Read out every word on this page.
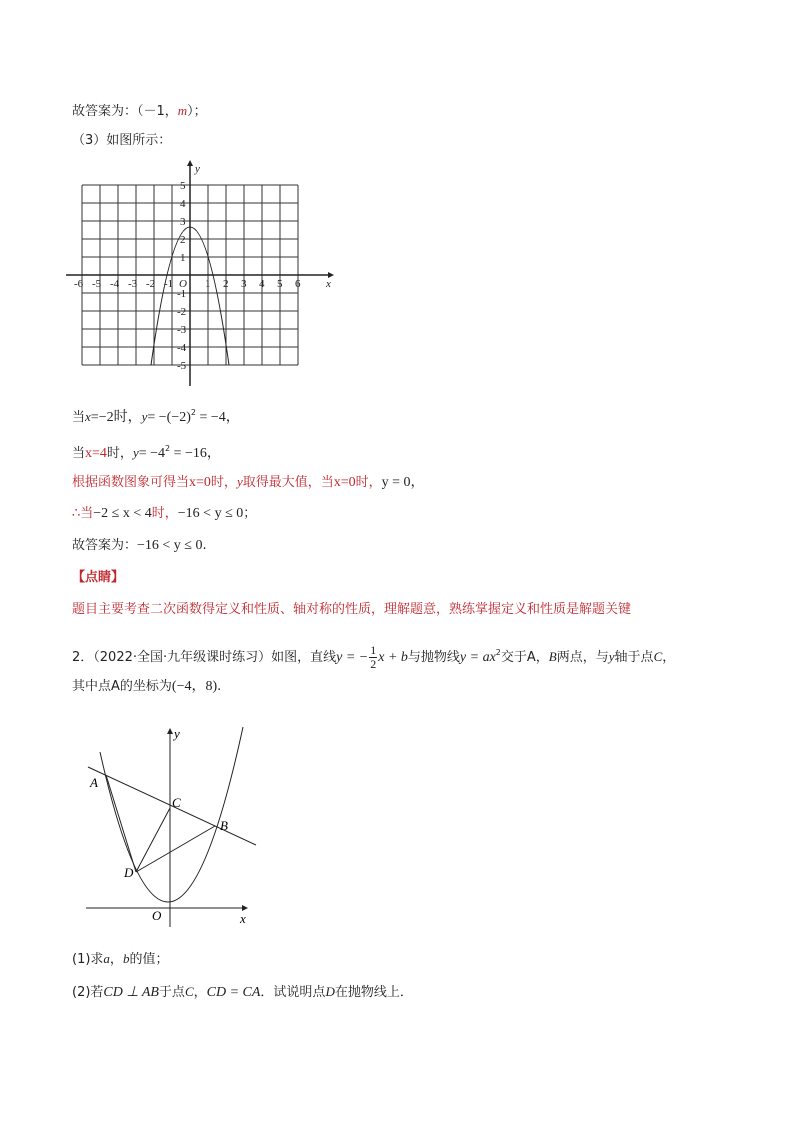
故答案为：（－1，m）；
（3）如图所示：
-6 -5 -4 -3 -2 -1	1 2 3 4 5 6
5
4
3
2
1
-1
-2
-3
-4
-5
x
y
O
当x=−2时，$y= -(-2)^2 = -4$，
当x=4时，$y= -4^2 = -16$，
根据函数图象可得当x=0时，y取得最大值，当x=0时，y = 0，
∴当−2 ≤ x < 4时，−16 < y ≤ 0；
故答案为：−16 < y ≤ 0.
【点睛】
题目主要考查二次函数得定义和性质、轴对称的性质，理解题意，熟练掌握定义和性质是解题关键
2．（2022·全国·九年级课时练习）如图，直线y = − $\frac{1}{2}$ x + b与抛物线$y = ax^2$交于A，B两点，与y轴于点C，
其中点A的坐标为(−4，8).
A
B
C
D
O	x
y
(1)求a，b的值；
(2)若CD ⊥ AB于点C，CD = CA．试说明点D在抛物线上．
